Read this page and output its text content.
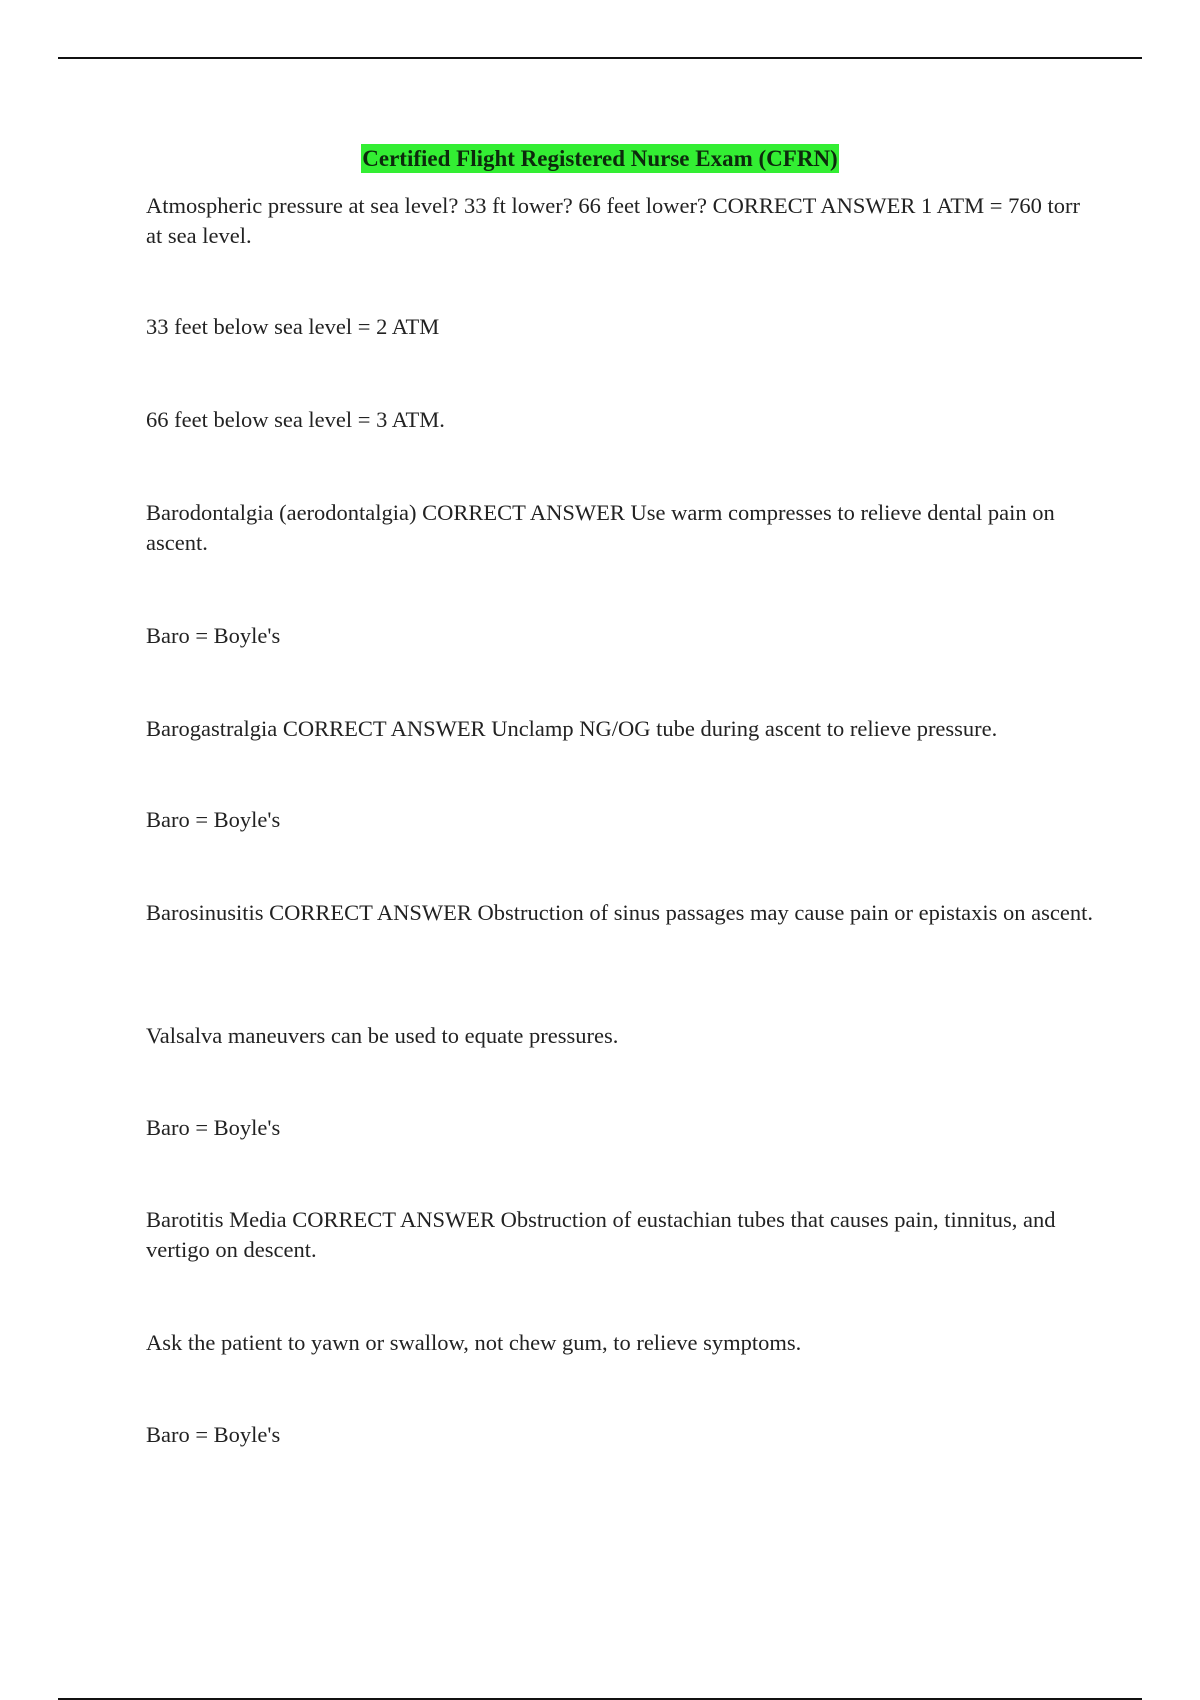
Certified Flight Registered Nurse Exam (CFRN)

Atmospheric pressure at sea level? 33 ft lower? 66 feet lower? CORRECT ANSWER 1 ATM = 760 torr at sea level.

33 feet below sea level = 2 ATM

66 feet below sea level = 3 ATM.

Barodontalgia (aerodontalgia) CORRECT ANSWER Use warm compresses to relieve dental pain on ascent.

Baro = Boyle's

Barogastralgia CORRECT ANSWER Unclamp NG/OG tube during ascent to relieve pressure.

Baro = Boyle's

Barosinusitis CORRECT ANSWER Obstruction of sinus passages may cause pain or epistaxis on ascent.

Valsalva maneuvers can be used to equate pressures.

Baro = Boyle's

Barotitis Media CORRECT ANSWER Obstruction of eustachian tubes that causes pain, tinnitus, and vertigo on descent.

Ask the patient to yawn or swallow, not chew gum, to relieve symptoms.

Baro = Boyle's
